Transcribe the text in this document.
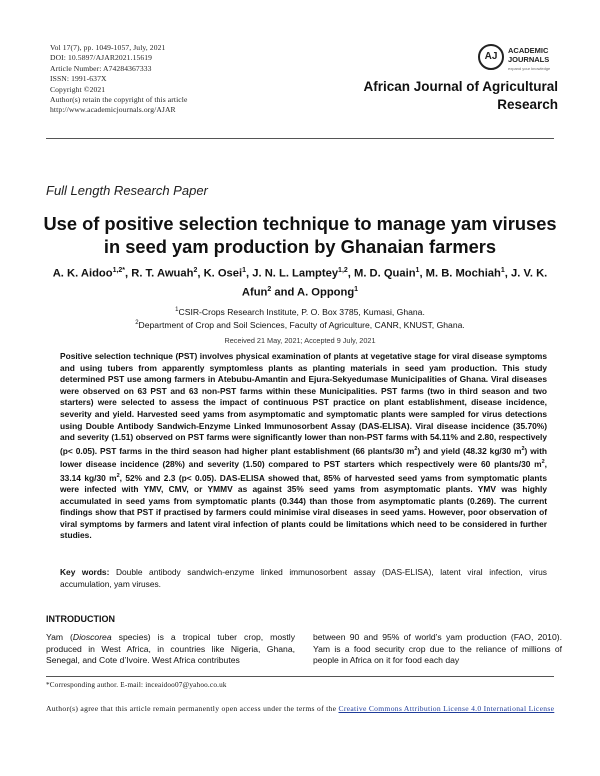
Vol 17(7), pp. 1049-1057, July, 2021
DOI: 10.5897/AJAR2021.15619
Article Number: A74284367333
ISSN: 1991-637X
Copyright ©2021
Author(s) retain the copyright of this article
http://www.academicjournals.org/AJAR
AJ
ACADEMIC
JOURNALS
expand your knowledge
African Journal of Agricultural
Research
Full Length Research Paper
Use of positive selection technique to manage yam viruses in seed yam production by Ghanaian farmers
A. K. Aidoo$^{1,2*}$, R. T. Awuah$^2$, K. Osei$^1$, J. N. L. Lamptey$^{1,2}$, M. D. Quain$^1$, M. B. Mochiah$^1$, J. V. K. Afun$^2$ and A. Oppong$^1$
$^1$CSIR-Crops Research Institute, P. O. Box 3785, Kumasi, Ghana.
$^2$Department of Crop and Soil Sciences, Faculty of Agriculture, CANR, KNUST, Ghana.
Received 21 May, 2021; Accepted 9 July, 2021
Positive selection technique (PST) involves physical examination of plants at vegetative stage for viral disease symptoms and using tubers from apparently symptomless plants as planting materials in seed yam production. This study determined PST use among farmers in Atebubu-Amantin and Ejura-Sekyedumase Municipalities of Ghana. Viral diseases were observed on 63 PST and 63 non-PST farms within these Municipalities. PST farms (two in third season and two starters) were selected to assess the impact of continuous PST practice on plant establishment, disease incidence, severity and yield. Harvested seed yams from asymptomatic and symptomatic plants were sampled for virus detections using Double Antibody Sandwich-Enzyme Linked Immunosorbent Assay (DAS-ELISA). Viral disease incidence (35.70%) and severity (1.51) observed on PST farms were significantly lower than non-PST farms with 54.11% and 2.80, respectively (p< 0.05). PST farms in the third season had higher plant establishment (66 plants/30 $m^2$) and yield (48.32 kg/30 $m^2$) with lower disease incidence (28%) and severity (1.50) compared to PST starters which respectively were 60 plants/30 $m^2$, 33.14 kg/30 $m^2$, 52% and 2.3 (p< 0.05). DAS-ELISA showed that, 85% of harvested seed yams from symptomatic plants were infected with YMV, CMV, or YMMV as against 35% seed yams from asymptomatic plants. YMV was highly accumulated in seed yams from symptomatic plants (0.344) than those from asymptomatic plants (0.269). The current findings show that PST if practised by farmers could minimise viral diseases in seed yams. However, poor observation of viral symptoms by farmers and latent viral infection of plants could be limitations which need to be considered in further studies.
Key words: Double antibody sandwich-enzyme linked immunosorbent assay (DAS-ELISA), latent viral infection, virus accumulation, yam viruses.
INTRODUCTION
Yam (Dioscorea species) is a tropical tuber crop, mostly produced in West Africa, in countries like Nigeria, Ghana, Senegal, and Cote d’Ivoire. West Africa contributes
between 90 and 95% of world’s yam production (FAO, 2010). Yam is a food security crop due to the reliance of millions of people in Africa on it for food each day
*Corresponding author. E-mail: inceaidoo07@yahoo.co.uk
Author(s) agree that this article remain permanently open access under the terms of the Creative Commons Attribution License 4.0 International License
